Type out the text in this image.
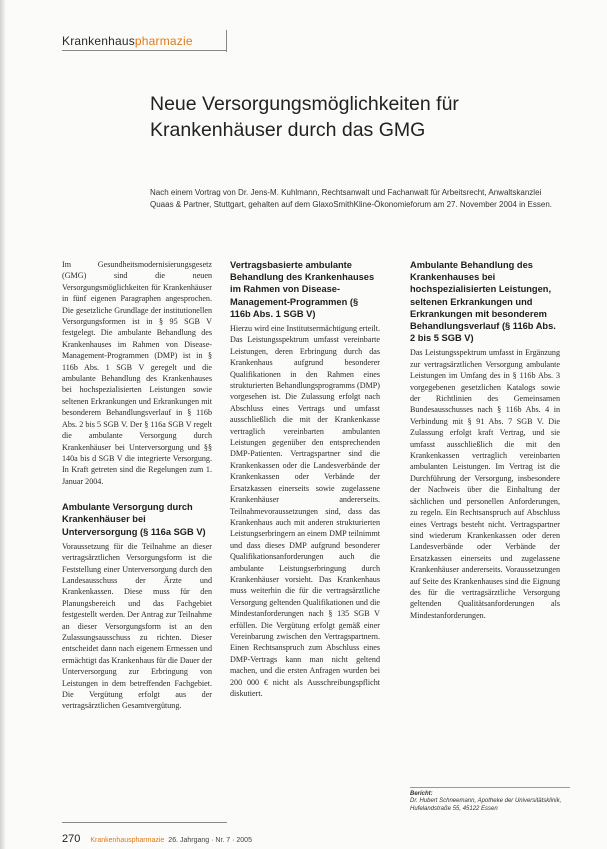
Krankenhauspharmazie
Neue Versorgungsmöglichkeiten für
Krankenhäuser durch das GMG
Nach einem Vortrag von Dr. Jens-M. Kuhlmann, Rechtsanwalt und Fachanwalt für Arbeitsrecht, Anwaltskanzlei Quaas & Partner, Stuttgart, gehalten auf dem GlaxoSmithKline-Ökonomieforum am 27. November 2004 in Essen.

Im Gesundheitsmodernisierungsgesetz (GMG) sind die neuen Versorgungsmöglichkeiten für Krankenhäuser in fünf eigenen Paragraphen angesprochen. Die gesetzliche Grundlage der institutionellen Versorgungsformen ist in § 95 SGB V festgelegt. Die ambulante Behandlung des Krankenhauses im Rahmen von Disease-Management-Programmen (DMP) ist in § 116b Abs. 1 SGB V geregelt und die ambulante Behandlung des Krankenhauses bei hochspezialisierten Leistungen sowie seltenen Erkrankungen und Erkrankungen mit besonderem Behandlungsverlauf in § 116b Abs. 2 bis 5 SGB V. Der § 116a SGB V regelt die ambulante Versorgung durch Krankenhäuser bei Unterversorgung und §§ 140a bis d SGB V die integrierte Versorgung. In Kraft getreten sind die Regelungen zum 1. Januar 2004.

Ambulante Versorgung durch Krankenhäuser bei Unterversorgung (§ 116a SGB V)

Voraussetzung für die Teilnahme an dieser vertragsärztlichen Versorgungsform ist die Feststellung einer Unterversorgung durch den Landesausschuss der Ärzte und Krankenkassen. Diese muss für den Planungsbereich und das Fachgebiet festgestellt werden. Der Antrag zur Teilnahme an dieser Versorgungsform ist an den Zulassungsausschuss zu richten. Dieser entscheidet dann nach eigenem Ermessen und ermächtigt das Krankenhaus für die Dauer der Unterversorgung zur Erbringung von Leistungen in dem betreffenden Fachgebiet. Die Vergütung erfolgt aus der vertragsärztlichen Gesamtvergütung.

Vertragsbasierte ambulante Behandlung des Krankenhauses im Rahmen von Disease-Management-Programmen (§ 116b Abs. 1 SGB V)

Hierzu wird eine Institutsermächtigung erteilt. Das Leistungsspektrum umfasst vereinbarte Leistungen, deren Erbringung durch das Krankenhaus aufgrund besonderer Qualifikationen in den Rahmen eines strukturierten Behandlungsprogramms (DMP) vorgesehen ist. Die Zulassung erfolgt nach Abschluss eines Vertrags und umfasst ausschließlich die mit der Krankenkasse vertraglich vereinbarten ambulanten Leistungen gegenüber den entsprechenden DMP-Patienten. Vertragspartner sind die Krankenkassen oder die Landesverbände der Krankenkassen oder Verbände der Ersatzkassen einerseits sowie zugelassene Krankenhäuser andererseits. Teilnahmevoraussetzungen sind, dass das Krankenhaus auch mit anderen strukturierten Leistungserbringern an einem DMP teilnimmt und dass dieses DMP aufgrund besonderer Qualifikationsanforderungen auch die ambulante Leistungserbringung durch Krankenhäuser vorsieht. Das Krankenhaus muss weiterhin die für die vertragsärztliche Versorgung geltenden Qualifikationen und die Mindestanforderungen nach § 135 SGB V erfüllen. Die Vergütung erfolgt gemäß einer Vereinbarung zwischen den Vertragspartnern. Einen Rechtsanspruch zum Abschluss eines DMP-Vertrags kann man nicht geltend machen, und die ersten Anfragen wurden bei 200 000 € nicht als Ausschreibungspflicht diskutiert.

Ambulante Behandlung des Krankenhauses bei hochspezialisierten Leistungen, seltenen Erkrankungen und Erkrankungen mit besonderem Behandlungsverlauf (§ 116b Abs. 2 bis 5 SGB V)

Das Leistungsspektrum umfasst in Ergänzung zur vertragsärztlichen Versorgung ambulante Leistungen im Umfang des in § 116b Abs. 3 vorgegebenen gesetzlichen Katalogs sowie der Richtlinien des Gemeinsamen Bundesausschusses nach § 116b Abs. 4 in Verbindung mit § 91 Abs. 7 SGB V. Die Zulassung erfolgt kraft Vertrag, und sie umfasst ausschließlich die mit den Krankenkassen vertraglich vereinbarten ambulanten Leistungen. Im Vertrag ist die Durchführung der Versorgung, insbesondere der Nachweis über die Einhaltung der sächlichen und personellen Anforderungen, zu regeln. Ein Rechtsanspruch auf Abschluss eines Vertrags besteht nicht. Vertragspartner sind wiederum Krankenkassen oder deren Landesverbände oder Verbände der Ersatzkassen einerseits und zugelassene Krankenhäuser andererseits. Voraussetzungen auf Seite des Krankenhauses sind die Eignung des für die vertragsärztliche Versorgung geltenden Qualitätsanforderungen als Mindestanforderungen.

Bericht:
Dr. Hubert Schneemann, Apotheke der Universitätsklinik, Hufelandstraße 55, 45122 Essen
270 Krankenhauspharmazie 26. Jahrgang · Nr. 7 · 2005
